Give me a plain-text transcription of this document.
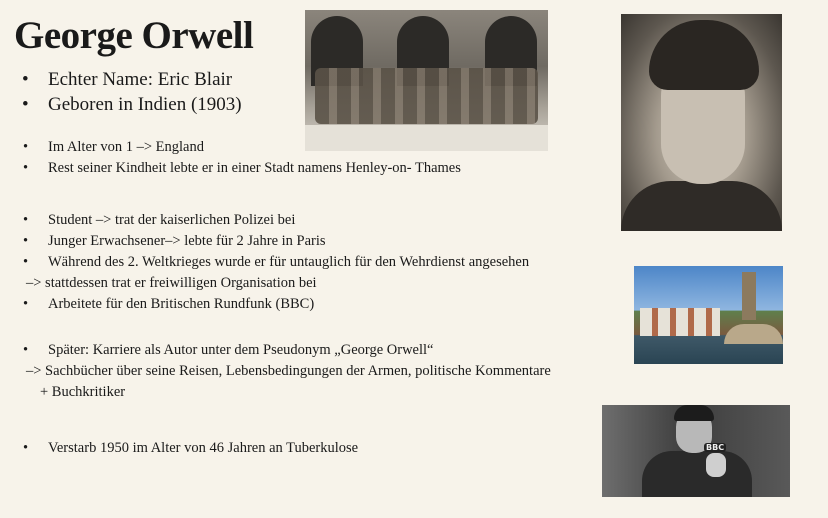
George Orwell
• Echter Name: Eric Blair
• Geboren in Indien (1903)
• Im Alter von 1 –> England
• Rest seiner Kindheit lebte er in einer Stadt namens Henley-on- Thames
• Student –> trat der kaiserlichen Polizei bei
• Junger Erwachsener–> lebte für 2 Jahre in Paris
• Während des 2. Weltkrieges wurde er für untauglich für den Wehrdienst angesehen
–> stattdessen trat er freiwilligen Organisation bei
• Arbeitete für den Britischen Rundfunk (BBC)
• Später: Karriere als Autor unter dem Pseudonym „George Orwell“
–> Sachbücher über seine Reisen, Lebensbedingungen der Armen, politische Kommentare
+ Buchkritiker
• Verstarb 1950 im Alter von 46 Jahren an Tuberkulose	BBC
